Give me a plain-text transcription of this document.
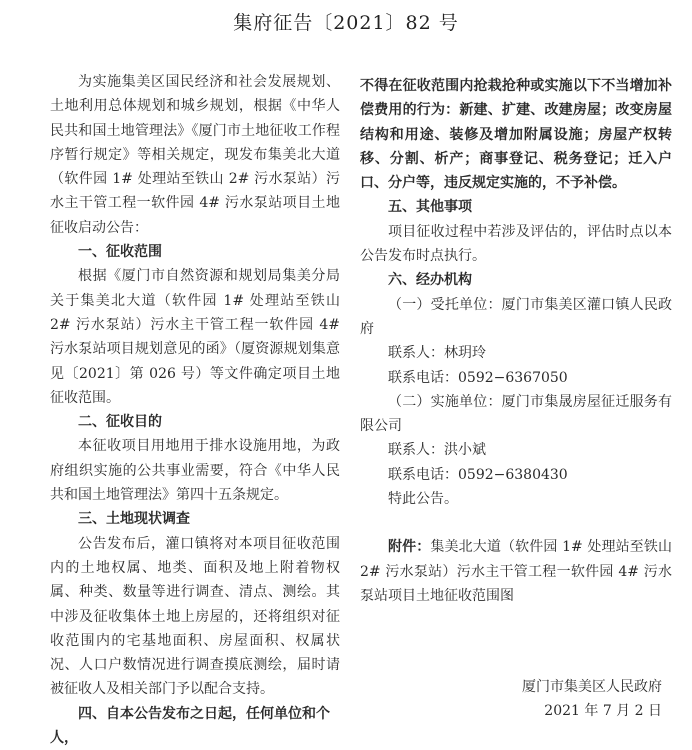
集府征告〔2021〕82 号

为实施集美区国民经济和社会发展规划、土地利用总体规划和城乡规划，根据《中华人民共和国土地管理法》《厦门市土地征收工作程序暂行规定》等相关规定，现发布集美北大道（软件园 1# 处理站至铁山 2# 污水泵站）污水主干管工程一软件园 4# 污水泵站项目土地征收启动公告：

一、征收范围

根据《厦门市自然资源和规划局集美分局关于集美北大道（软件园 1# 处理站至铁山 2# 污水泵站）污水主干管工程一软件园 4# 污水泵站项目规划意见的函》（厦资源规划集意见〔2021〕第 026 号）等文件确定项目土地征收范围。

二、征收目的

本征收项目用地用于排水设施用地，为政府组织实施的公共事业需要，符合《中华人民共和国土地管理法》第四十五条规定。

三、土地现状调查

公告发布后，灌口镇将对本项目征收范围内的土地权属、地类、面积及地上附着物权属、种类、数量等进行调查、清点、测绘。其中涉及征收集体土地上房屋的，还将组织对征收范围内的宅基地面积、房屋面积、权属状况、人口户数情况进行调查摸底测绘，届时请被征收人及相关部门予以配合支持。

四、自本公告发布之日起，任何单位和个人，

不得在征收范围内抢栽抢种或实施以下不当增加补偿费用的行为：新建、扩建、改建房屋；改变房屋结构和用途、装修及增加附属设施；房屋产权转移、分割、析产；商事登记、税务登记；迁入户口、分户等，违反规定实施的，不予补偿。

五、其他事项

项目征收过程中若涉及评估的，评估时点以本公告发布时点执行。

六、经办机构

（一）受托单位：厦门市集美区灌口镇人民政府

联系人：林玥玲

联系电话：0592−6367050

（二）实施单位：厦门市集晟房屋征迁服务有限公司

联系人：洪小斌

联系电话：0592−6380430

特此公告。

附件：集美北大道（软件园 1# 处理站至铁山 2# 污水泵站）污水主干管工程一软件园 4# 污水泵站项目土地征收范围图

厦门市集美区人民政府

2021 年 7 月 2 日
